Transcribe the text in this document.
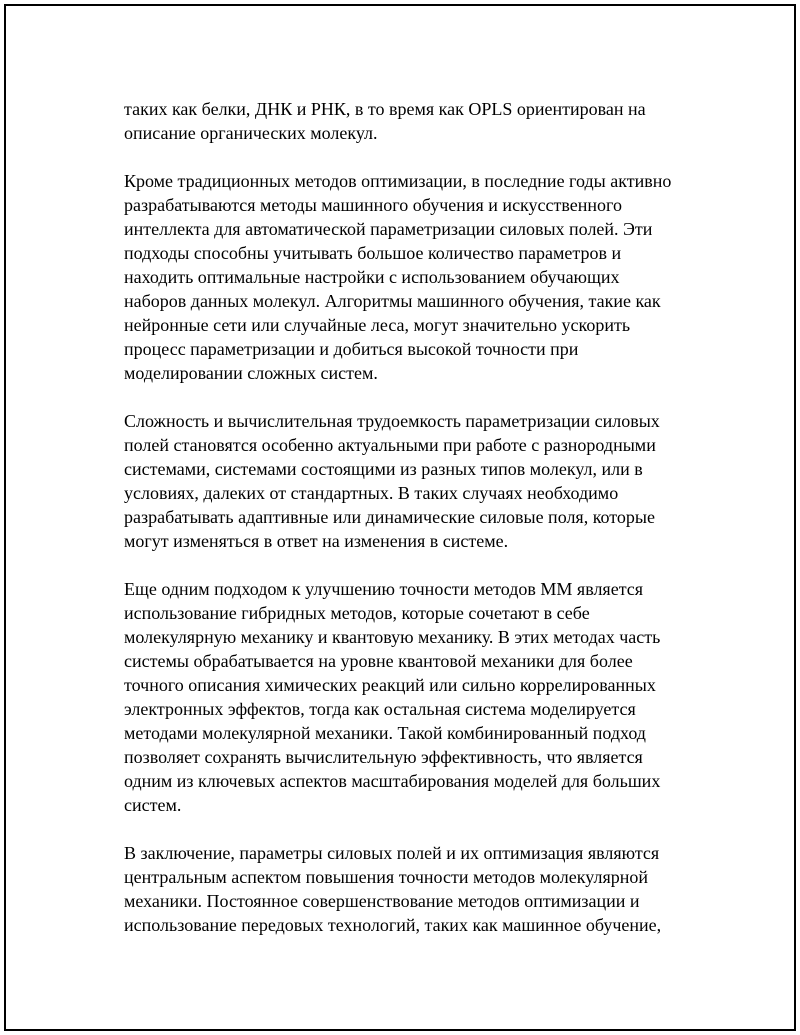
таких как белки, ДНК и РНК, в то время как OPLS ориентирован на
описание органических молекул.

Кроме традиционных методов оптимизации, в последние годы активно
разрабатываются методы машинного обучения и искусственного
интеллекта для автоматической параметризации силовых полей. Эти
подходы способны учитывать большое количество параметров и
находить оптимальные настройки с использованием обучающих
наборов данных молекул. Алгоритмы машинного обучения, такие как
нейронные сети или случайные леса, могут значительно ускорить
процесс параметризации и добиться высокой точности при
моделировании сложных систем.

Сложность и вычислительная трудоемкость параметризации силовых
полей становятся особенно актуальными при работе с разнородными
системами, системами состоящими из разных типов молекул, или в
условиях, далеких от стандартных. В таких случаях необходимо
разрабатывать адаптивные или динамические силовые поля, которые
могут изменяться в ответ на изменения в системе.

Еще одним подходом к улучшению точности методов ММ является
использование гибридных методов, которые сочетают в себе
молекулярную механику и квантовую механику. В этих методах часть
системы обрабатывается на уровне квантовой механики для более
точного описания химических реакций или сильно коррелированных
электронных эффектов, тогда как остальная система моделируется
методами молекулярной механики. Такой комбинированный подход
позволяет сохранять вычислительную эффективность, что является
одним из ключевых аспектов масштабирования моделей для больших
систем.

В заключение, параметры силовых полей и их оптимизация являются
центральным аспектом повышения точности методов молекулярной
механики. Постоянное совершенствование методов оптимизации и
использование передовых технологий, таких как машинное обучение,
